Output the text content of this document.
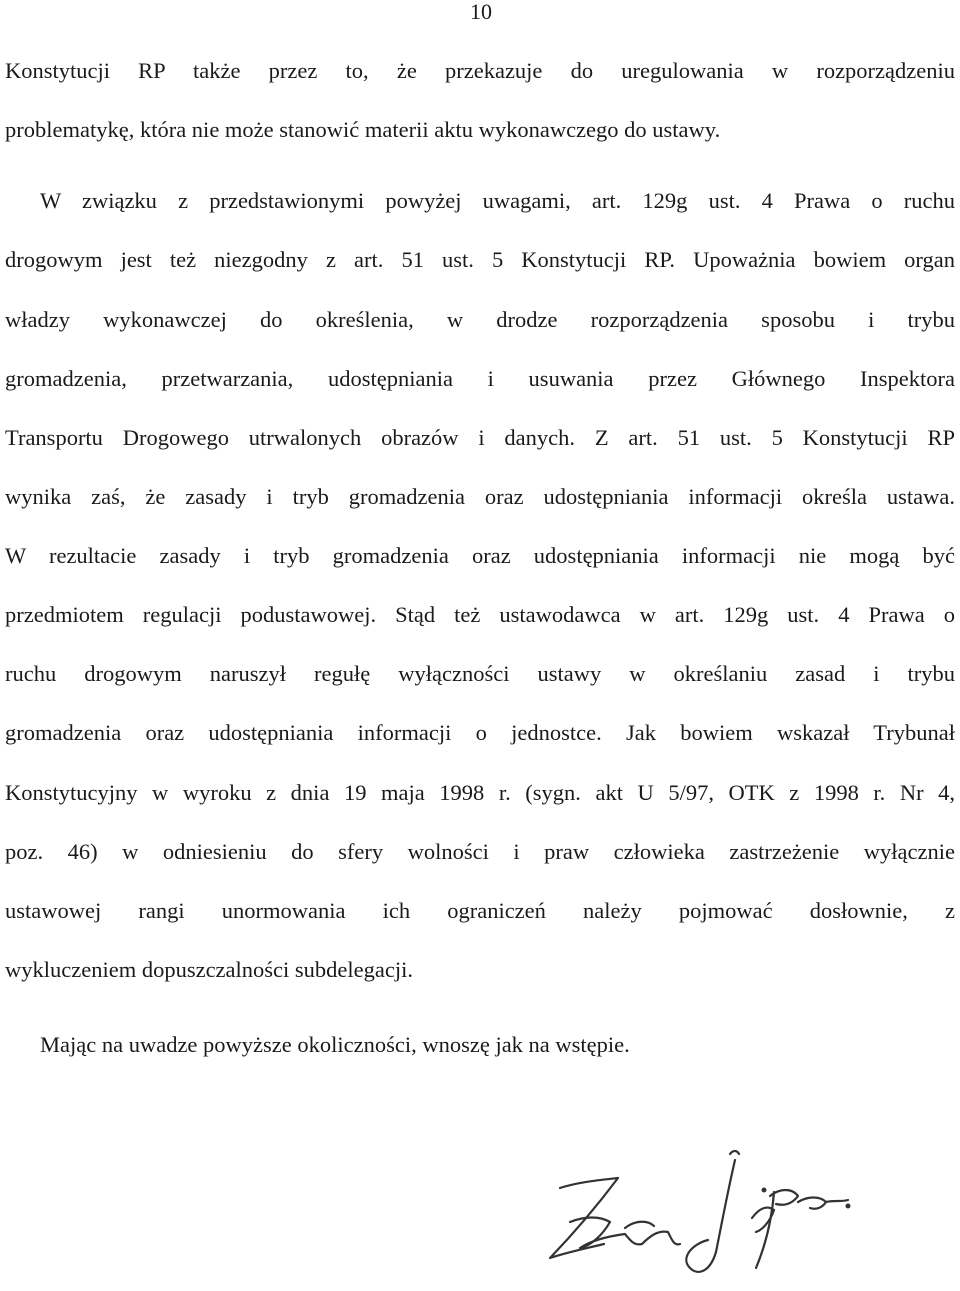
10
Konstytucji RP także przez to, że przekazuje do uregulowania w rozporządzeniu
problematykę, która nie może stanowić materii aktu wykonawczego do ustawy.
W związku z przedstawionymi powyżej uwagami, art. 129g ust. 4 Prawa o ruchu
drogowym jest też niezgodny z art. 51 ust. 5 Konstytucji RP. Upoważnia bowiem organ
władzy wykonawczej do określenia, w drodze rozporządzenia sposobu i trybu
gromadzenia, przetwarzania, udostępniania i usuwania przez Głównego Inspektora
Transportu Drogowego utrwalonych obrazów i danych. Z art. 51 ust. 5 Konstytucji RP
wynika zaś, że zasady i tryb gromadzenia oraz udostępniania informacji określa ustawa.
W rezultacie zasady i tryb gromadzenia oraz udostępniania informacji nie mogą być
przedmiotem regulacji podustawowej. Stąd też ustawodawca w art. 129g ust. 4 Prawa o
ruchu drogowym naruszył regułę wyłączności ustawy w określaniu zasad i trybu
gromadzenia oraz udostępniania informacji o jednostce. Jak bowiem wskazał Trybunał
Konstytucyjny w wyroku z dnia 19 maja 1998 r. (sygn. akt U 5/97, OTK z 1998 r. Nr 4,
poz. 46) w odniesieniu do sfery wolności i praw człowieka zastrzeżenie wyłącznie
ustawowej rangi unormowania ich ograniczeń należy pojmować dosłownie, z
wykluczeniem dopuszczalności subdelegacji.
Mając na uwadze powyższe okoliczności, wnoszę jak na wstępie.
